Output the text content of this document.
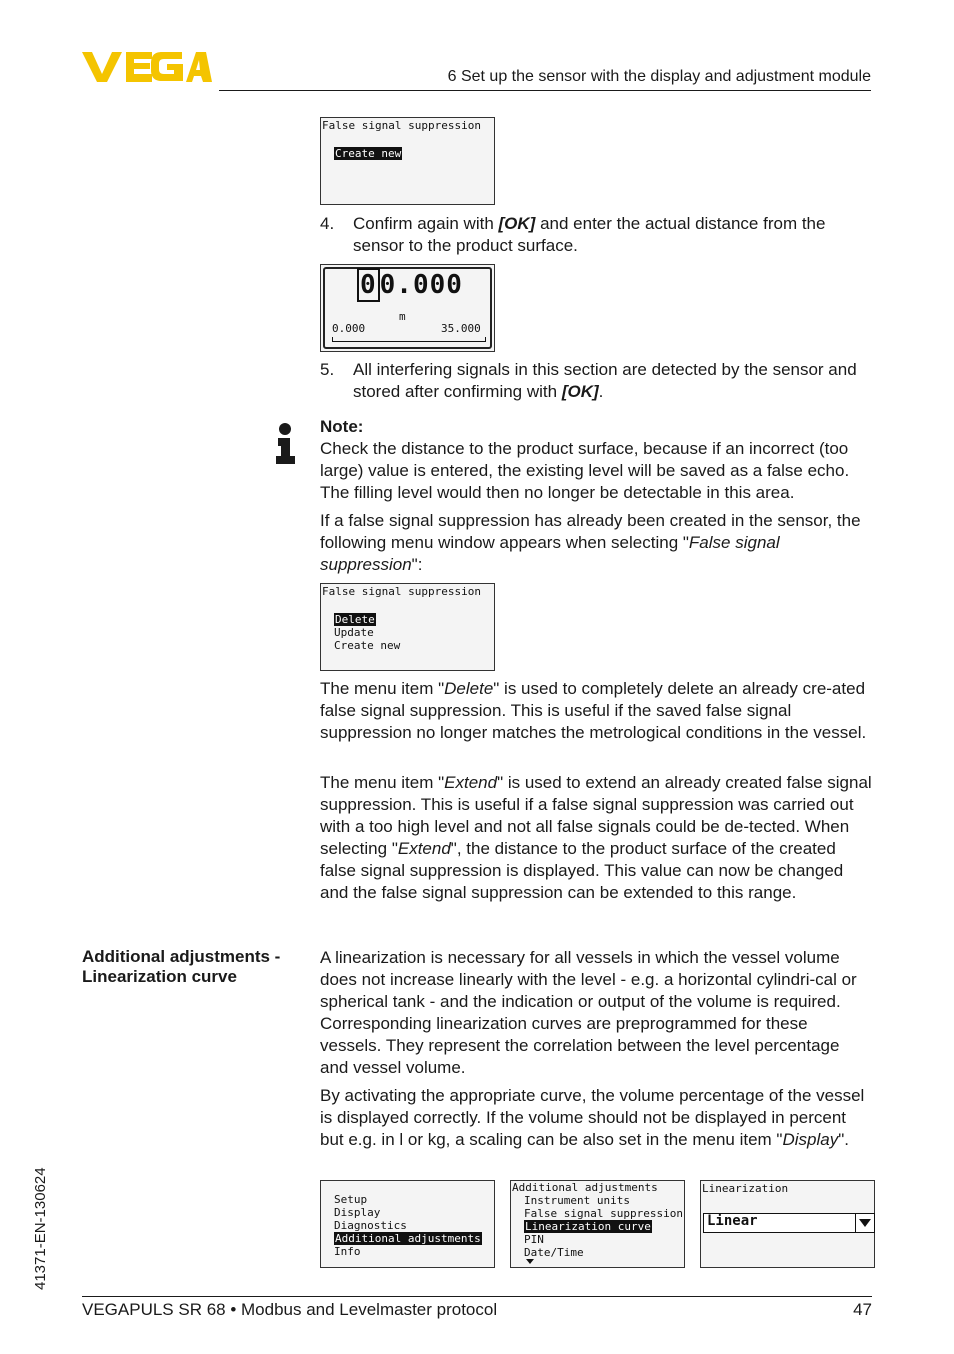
6 Set up the sensor with the display and adjustment module
False signal suppression
Create new
4.	Confirm again with [OK] and enter the actual distance from the sensor to the product surface.
0 0.000
m
0.000	35.000
5.	All interfering signals in this section are detected by the sensor and stored after confirming with [OK].
Note:
Check the distance to the product surface, because if an incorrect (too large) value is entered, the existing level will be saved as a false echo. The filling level would then no longer be detectable in this area.
If a false signal suppression has already been created in the sensor, the following menu window appears when selecting "False signal suppression":
False signal suppression
Delete
Update
Create new
The menu item "Delete" is used to completely delete an already cre-ated false signal suppression. This is useful if the saved false signal suppression no longer matches the metrological conditions in the vessel.
The menu item "Extend" is used to extend an already created false signal suppression. This is useful if a false signal suppression was carried out with a too high level and not all false signals could be de-tected. When selecting "Extend", the distance to the product surface of the created false signal suppression is displayed. This value can now be changed and the false signal suppression can be extended to this range.
Additional adjustments - Linearization curve
A linearization is necessary for all vessels in which the vessel volume does not increase linearly with the level - e.g. a horizontal cylindri-cal or spherical tank - and the indication or output of the volume is required. Corresponding linearization curves are preprogrammed for these vessels. They represent the correlation between the level percentage and vessel volume.
By activating the appropriate curve, the volume percentage of the vessel is displayed correctly. If the volume should not be displayed in percent but e.g. in l or kg, a scaling can be also set in the menu item "Display".
Setup
Display
Diagnostics
Additional adjustments
Info
Additional adjustments
Instrument units
False signal suppression
Linearization curve
PIN
Date/Time
Linearization
Linear
41371-EN-130624
VEGAPULS SR 68 • Modbus and Levelmaster protocol	47
